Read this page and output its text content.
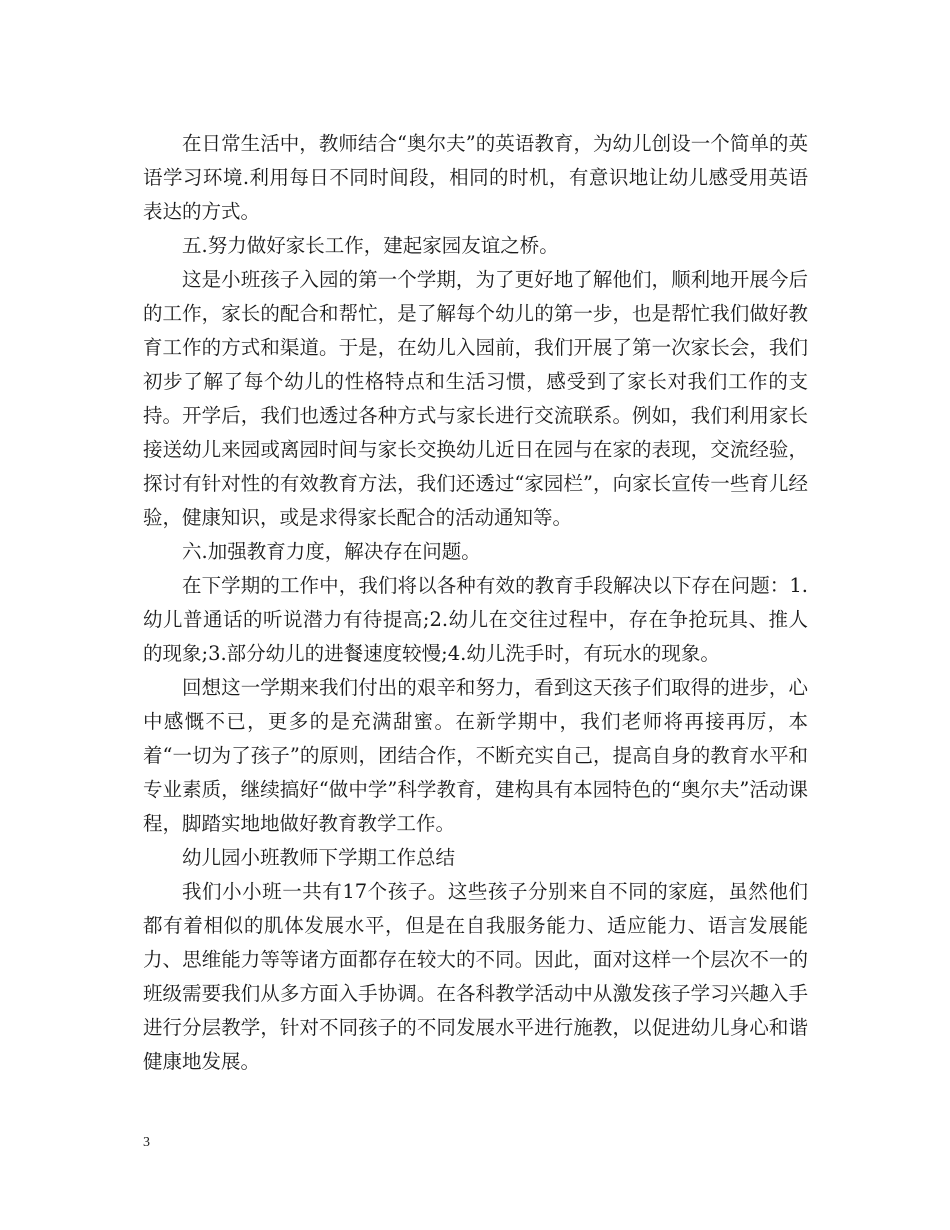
在日常生活中，教师结合“奥尔夫”的英语教育，为幼儿创设一个简单的英语学习环境.利用每日不同时间段，相同的时机，有意识地让幼儿感受用英语表达的方式。

五.努力做好家长工作，建起家园友谊之桥。

这是小班孩子入园的第一个学期，为了更好地了解他们，顺利地开展今后的工作，家长的配合和帮忙，是了解每个幼儿的第一步，也是帮忙我们做好教育工作的方式和渠道。于是，在幼儿入园前，我们开展了第一次家长会，我们初步了解了每个幼儿的性格特点和生活习惯，感受到了家长对我们工作的支持。开学后，我们也透过各种方式与家长进行交流联系。例如，我们利用家长接送幼儿来园或离园时间与家长交换幼儿近日在园与在家的表现，交流经验，探讨有针对性的有效教育方法，我们还透过“家园栏”，向家长宣传一些育儿经验，健康知识，或是求得家长配合的活动通知等。

六.加强教育力度，解决存在问题。

在下学期的工作中，我们将以各种有效的教育手段解决以下存在问题：1.幼儿普通话的听说潜力有待提高;2.幼儿在交往过程中，存在争抢玩具、推人的现象;3.部分幼儿的进餐速度较慢;4.幼儿洗手时，有玩水的现象。

回想这一学期来我们付出的艰辛和努力，看到这天孩子们取得的进步，心中感慨不已，更多的是充满甜蜜。在新学期中，我们老师将再接再厉，本着“一切为了孩子”的原则，团结合作，不断充实自己，提高自身的教育水平和专业素质，继续搞好“做中学”科学教育，建构具有本园特色的“奥尔夫”活动课程，脚踏实地地做好教育教学工作。

幼儿园小班教师下学期工作总结

我们小小班一共有17个孩子。这些孩子分别来自不同的家庭，虽然他们都有着相似的肌体发展水平，但是在自我服务能力、适应能力、语言发展能力、思维能力等等诸方面都存在较大的不同。因此，面对这样一个层次不一的班级需要我们从多方面入手协调。在各科教学活动中从激发孩子学习兴趣入手进行分层教学，针对不同孩子的不同发展水平进行施教，以促进幼儿身心和谐健康地发展。

3
